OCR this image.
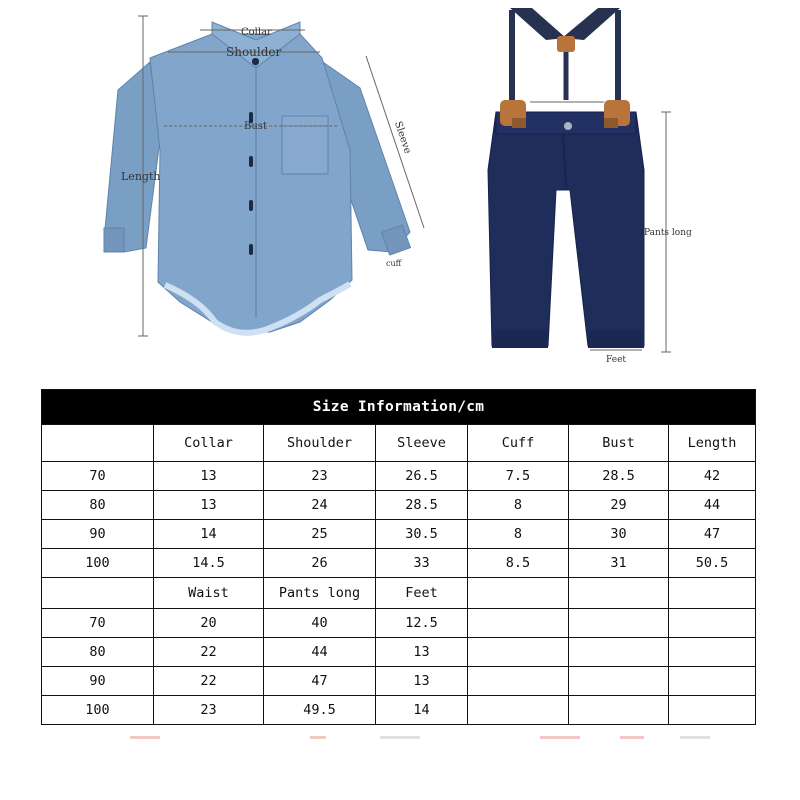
Collar
Shoulder
Bust
Length
Sleeve
cuff
Pants long
Feet
Size Information/cm						
	Collar	Shoulder	Sleeve	Cuff	Bust	Length
70	13	23	26.5	7.5	28.5	42
80	13	24	28.5	8	29	44
90	14	25	30.5	8	30	47
100	14.5	26	33	8.5	31	50.5
	Waist	Pants long	Feet			
70	20	40	12.5			
80	22	44	13			
90	22	47	13			
100	23	49.5	14			
